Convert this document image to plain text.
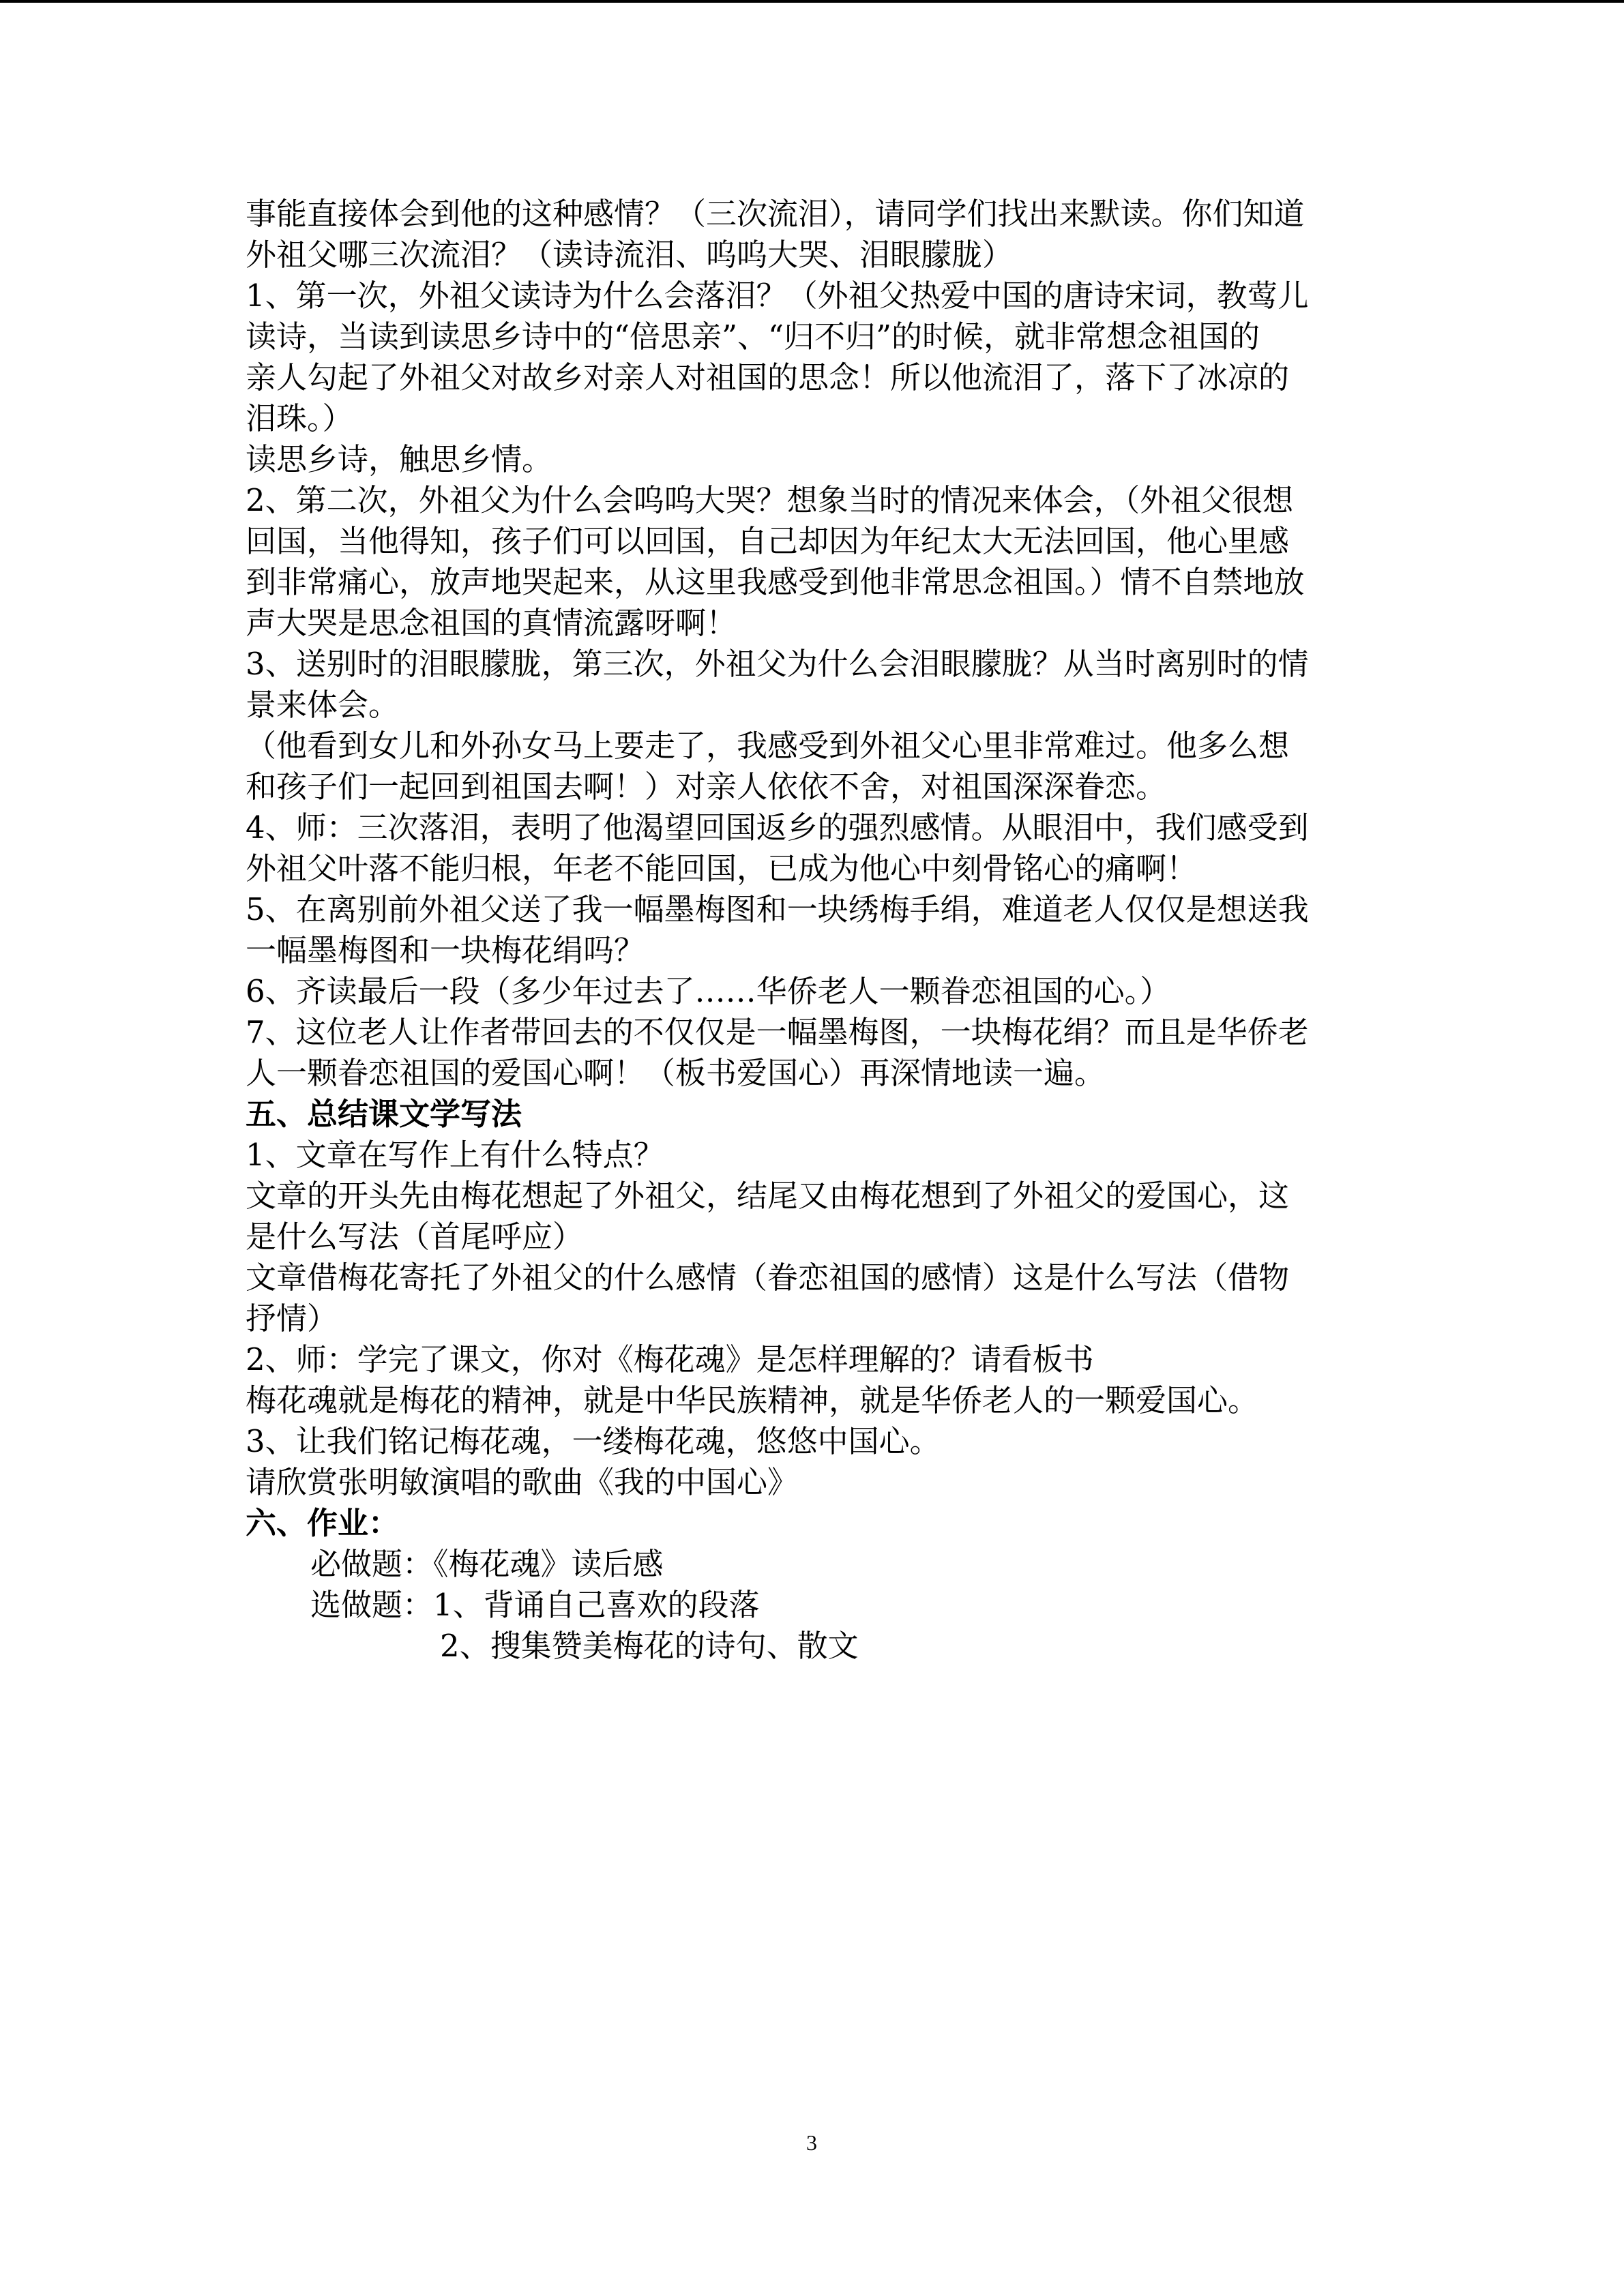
事能直接体会到他的这种感情？（三次流泪），请同学们找出来默读。你们知道

外祖父哪三次流泪？（读诗流泪、呜呜大哭、泪眼朦胧）

1、第一次，外祖父读诗为什么会落泪？（外祖父热爱中国的唐诗宋词，教莺儿

读诗，当读到读思乡诗中的“倍思亲”、“归不归”的时候，就非常想念祖国的

亲人勾起了外祖父对故乡对亲人对祖国的思念！所以他流泪了，落下了冰凉的

泪珠。）

读思乡诗，触思乡情。

2、第二次，外祖父为什么会呜呜大哭？想象当时的情况来体会，（外祖父很想

回国，当他得知，孩子们可以回国，自己却因为年纪太大无法回国，他心里感

到非常痛心，放声地哭起来，从这里我感受到他非常思念祖国。）情不自禁地放

声大哭是思念祖国的真情流露呀啊！

3、送别时的泪眼朦胧，第三次，外祖父为什么会泪眼朦胧？从当时离别时的情

景来体会。

（他看到女儿和外孙女马上要走了，我感受到外祖父心里非常难过。他多么想

和孩子们一起回到祖国去啊！）对亲人依依不舍，对祖国深深眷恋。

4、师：三次落泪，表明了他渴望回国返乡的强烈感情。从眼泪中，我们感受到

外祖父叶落不能归根，年老不能回国，已成为他心中刻骨铭心的痛啊！

5、在离别前外祖父送了我一幅墨梅图和一块绣梅手绢，难道老人仅仅是想送我

一幅墨梅图和一块梅花绢吗？

6、齐读最后一段（多少年过去了……华侨老人一颗眷恋祖国的心。）

7、这位老人让作者带回去的不仅仅是一幅墨梅图，一块梅花绢？而且是华侨老

人一颗眷恋祖国的爱国心啊！（板书爱国心）再深情地读一遍。

五、总结课文学写法

1、文章在写作上有什么特点？

文章的开头先由梅花想起了外祖父，结尾又由梅花想到了外祖父的爱国心，这

是什么写法（首尾呼应）

文章借梅花寄托了外祖父的什么感情（眷恋祖国的感情）这是什么写法（借物

抒情）

2、师：学完了课文，你对《梅花魂》是怎样理解的？请看板书

梅花魂就是梅花的精神，就是中华民族精神，就是华侨老人的一颗爱国心。

3、让我们铭记梅花魂，一缕梅花魂，悠悠中国心。

请欣赏张明敏演唱的歌曲《我的中国心》

六、作业：

必做题：《梅花魂》读后感

选做题：1、背诵自己喜欢的段落

2、搜集赞美梅花的诗句、散文

3
